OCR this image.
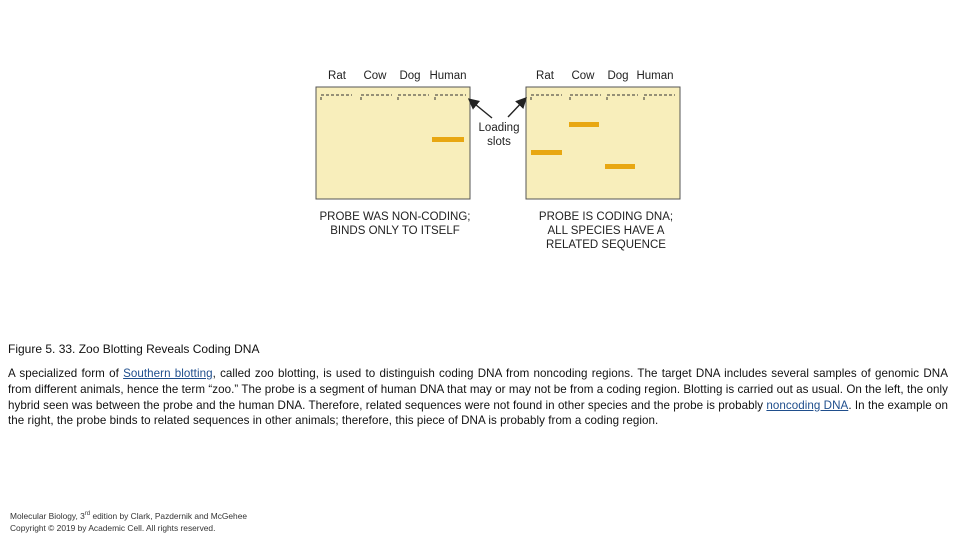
Rat Cow Dog Human	Rat Cow Dog Human
Loading
slots
PROBE WAS NON-CODING;
BINDS ONLY TO ITSELF
PROBE IS CODING DNA;
ALL SPECIES HAVE A
RELATED SEQUENCE
Figure 5. 33. Zoo Blotting Reveals Coding DNA
A specialized form of Southern blotting, called zoo blotting, is used to distinguish coding DNA from noncoding regions. The target DNA includes several samples of genomic DNA from different animals, hence the term “zoo.” The probe is a segment of human DNA that may or may not be from a coding region. Blotting is carried out as usual. On the left, the only hybrid seen was between the probe and the human DNA. Therefore, related sequences were not found in other species and the probe is probably noncoding DNA. In the example on the right, the probe binds to related sequences in other animals; therefore, this piece of DNA is probably from a coding region.
Molecular Biology, 3rd edition by Clark, Pazdernik and McGehee
Copyright © 2019 by Academic Cell. All rights reserved.
